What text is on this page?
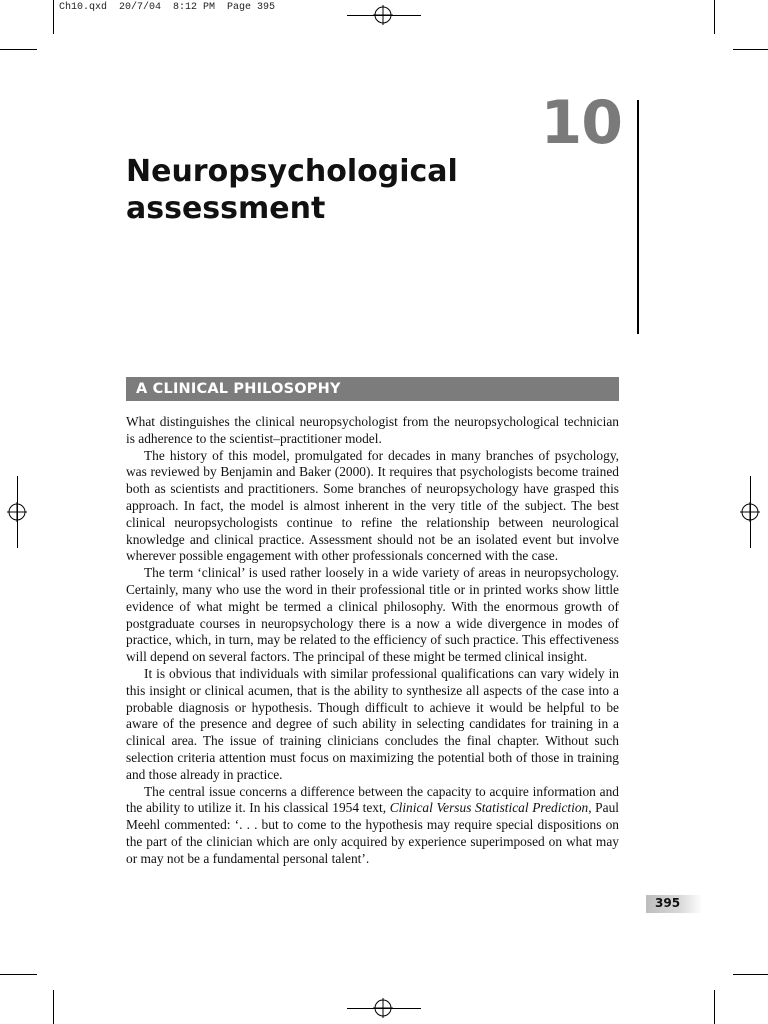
Ch10.qxd  20/7/04  8:12 PM  Page 395
10
Neuropsychological assessment
A CLINICAL PHILOSOPHY

What distinguishes the clinical neuropsychologist from the neuropsychological technician is adherence to the scientist–practitioner model.

The history of this model, promulgated for decades in many branches of psychology, was reviewed by Benjamin and Baker (2000). It requires that psychologists become trained both as scientists and practitioners. Some branches of neuropsychology have grasped this approach. In fact, the model is almost inherent in the very title of the subject. The best clinical neuropsychologists continue to refine the relationship between neurological knowledge and clinical practice. Assessment should not be an isolated event but involve wherever possible engagement with other professionals concerned with the case.

The term ‘clinical’ is used rather loosely in a wide variety of areas in neuropsychology. Certainly, many who use the word in their professional title or in printed works show little evidence of what might be termed a clinical philosophy. With the enormous growth of postgraduate courses in neuropsychology there is a now a wide divergence in modes of practice, which, in turn, may be related to the efficiency of such practice. This effectiveness will depend on several factors. The principal of these might be termed clinical insight.

It is obvious that individuals with similar professional qualifications can vary widely in this insight or clinical acumen, that is the ability to synthesize all aspects of the case into a probable diagnosis or hypothesis. Though difficult to achieve it would be helpful to be aware of the presence and degree of such ability in selecting candidates for training in a clinical area. The issue of training clinicians concludes the final chapter. Without such selection criteria attention must focus on maximizing the potential both of those in training and those already in practice.

The central issue concerns a difference between the capacity to acquire information and the ability to utilize it. In his classical 1954 text, Clinical Versus Statistical Prediction, Paul Meehl commented: ‘. . . but to come to the hypothesis may require special dispositions on the part of the clinician which are only acquired by experience superimposed on what may or may not be a fundamental personal talent’.

395
